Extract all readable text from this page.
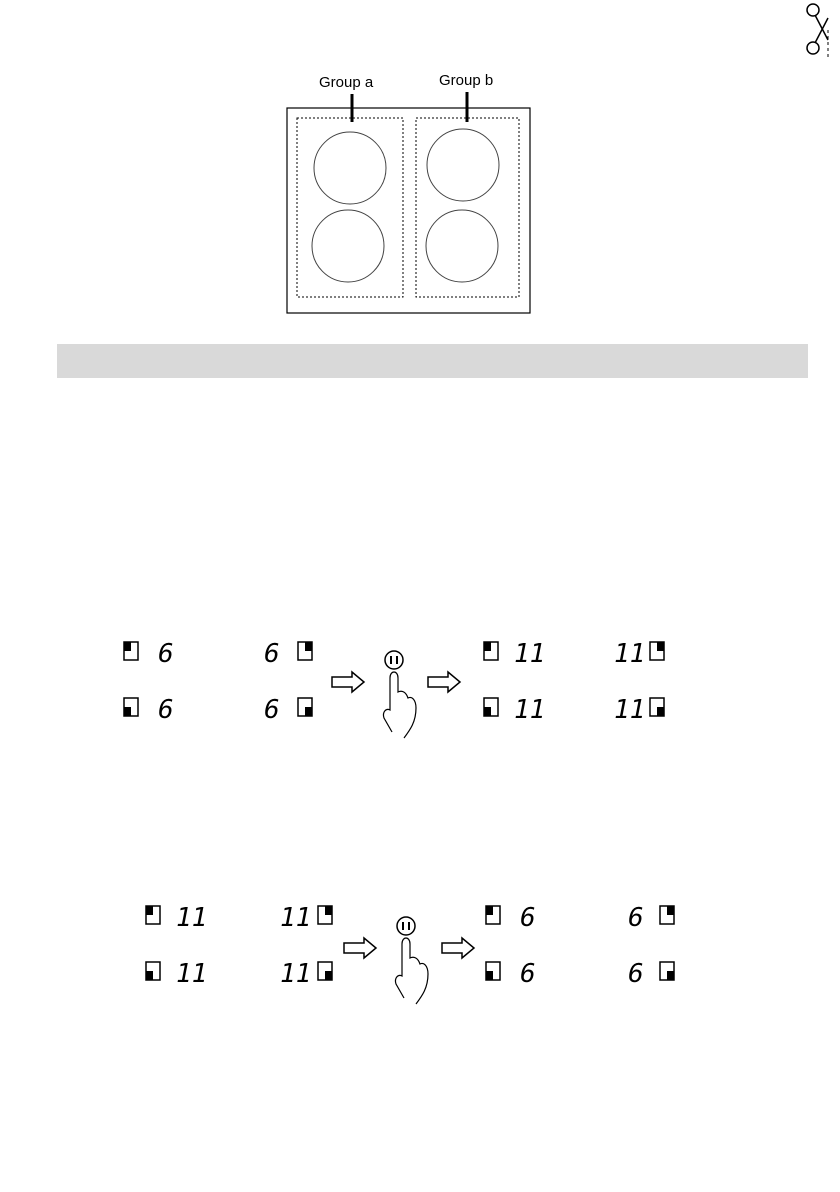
Group a	Group b
6	6
6	6
11	11
11	11
11	11
11	11
6	6
6	6
